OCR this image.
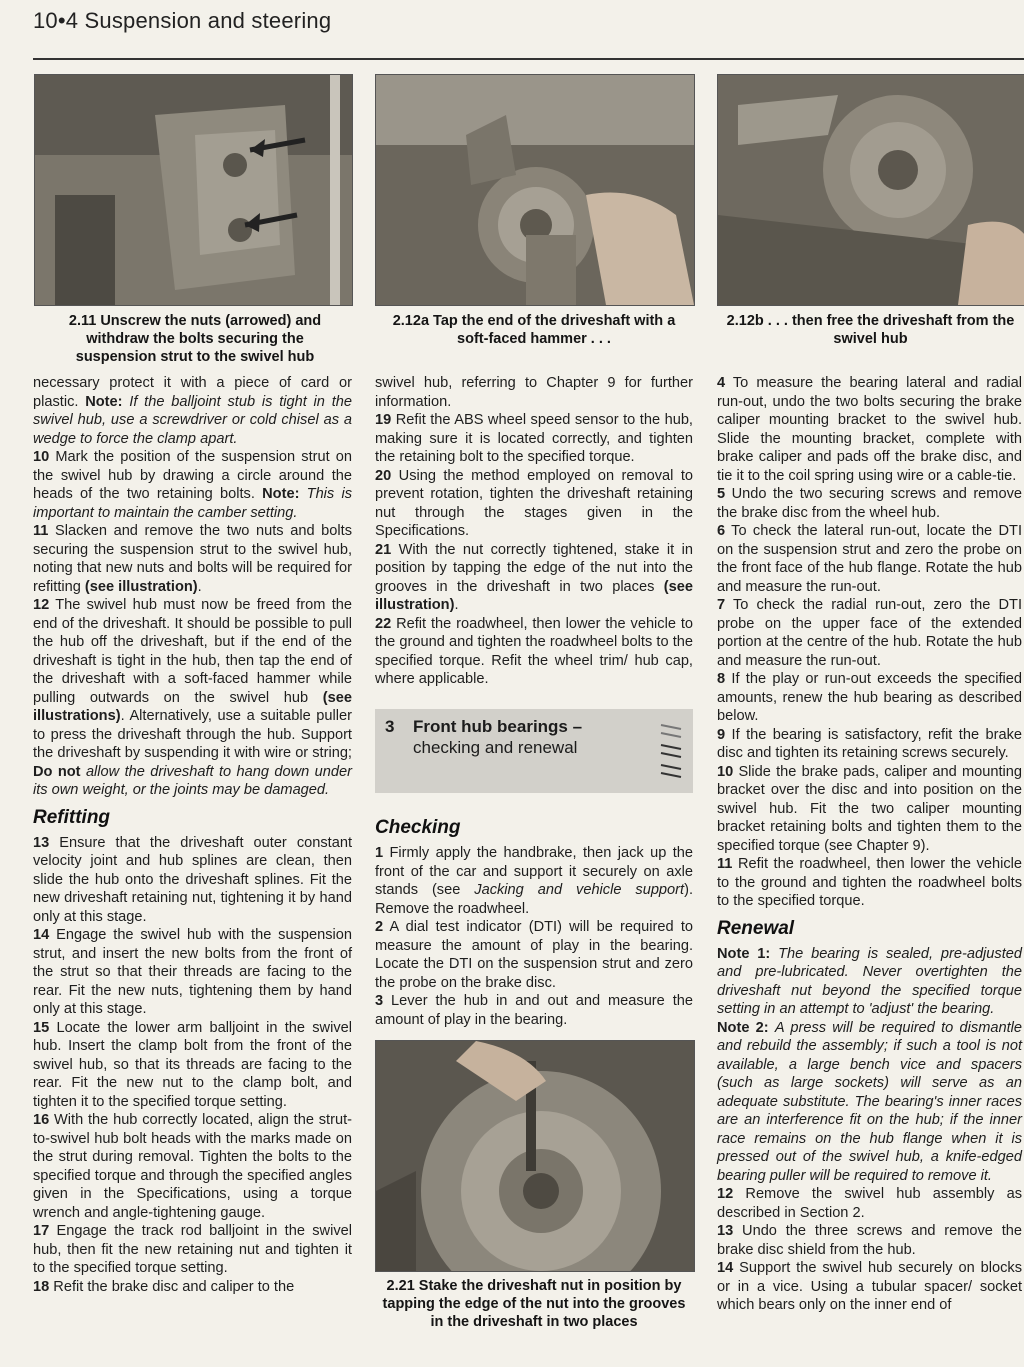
10•4 Suspension and steering
2.11 Unscrew the nuts (arrowed) and withdraw the bolts securing the suspension strut to the swivel hub
2.12a Tap the end of the driveshaft with a soft-faced hammer . . .
2.12b . . . then free the driveshaft from the swivel hub

necessary protect it with a piece of card or plastic. Note: If the balljoint stub is tight in the swivel hub, use a screwdriver or cold chisel as a wedge to force the clamp apart.

10 Mark the position of the suspension strut on the swivel hub by drawing a circle around the heads of the two retaining bolts. Note: This is important to maintain the camber setting.

11 Slacken and remove the two nuts and bolts securing the suspension strut to the swivel hub, noting that new nuts and bolts will be required for refitting (see illustration).

12 The swivel hub must now be freed from the end of the driveshaft. It should be possible to pull the hub off the driveshaft, but if the end of the driveshaft is tight in the hub, then tap the end of the driveshaft with a soft-faced hammer while pulling outwards on the swivel hub (see illustrations). Alternatively, use a suitable puller to press the driveshaft through the hub. Support the driveshaft by suspending it with wire or string; Do not allow the driveshaft to hang down under its own weight, or the joints may be damaged.

Refitting

13 Ensure that the driveshaft outer constant velocity joint and hub splines are clean, then slide the hub onto the driveshaft splines. Fit the new driveshaft retaining nut, tightening it by hand only at this stage.

14 Engage the swivel hub with the suspension strut, and insert the new bolts from the front of the strut so that their threads are facing to the rear. Fit the new nuts, tightening them by hand only at this stage.

15 Locate the lower arm balljoint in the swivel hub. Insert the clamp bolt from the front of the swivel hub, so that its threads are facing to the rear. Fit the new nut to the clamp bolt, and tighten it to the specified torque setting.

16 With the hub correctly located, align the strut-to-swivel hub bolt heads with the marks made on the strut during removal. Tighten the bolts to the specified torque and through the specified angles given in the Specifications, using a torque wrench and angle-tightening gauge.

17 Engage the track rod balljoint in the swivel hub, then fit the new retaining nut and tighten it to the specified torque setting.

18 Refit the brake disc and caliper to the

swivel hub, referring to Chapter 9 for further information.

19 Refit the ABS wheel speed sensor to the hub, making sure it is located correctly, and tighten the retaining bolt to the specified torque.

20 Using the method employed on removal to prevent rotation, tighten the driveshaft retaining nut through the stages given in the Specifications.

21 With the nut correctly tightened, stake it in position by tapping the edge of the nut into the grooves in the driveshaft in two places (see illustration).

22 Refit the roadwheel, then lower the vehicle to the ground and tighten the roadwheel bolts to the specified torque. Refit the wheel trim/ hub cap, where applicable.

3 Front hub bearings –
checking and renewal

Checking

1 Firmly apply the handbrake, then jack up the front of the car and support it securely on axle stands (see Jacking and vehicle support). Remove the roadwheel.

2 A dial test indicator (DTI) will be required to measure the amount of play in the bearing. Locate the DTI on the suspension strut and zero the probe on the brake disc.

3 Lever the hub in and out and measure the amount of play in the bearing.

2.21 Stake the driveshaft nut in position by tapping the edge of the nut into the grooves in the driveshaft in two places

4 To measure the bearing lateral and radial run-out, undo the two bolts securing the brake caliper mounting bracket to the swivel hub. Slide the mounting bracket, complete with brake caliper and pads off the brake disc, and tie it to the coil spring using wire or a cable-tie.

5 Undo the two securing screws and remove the brake disc from the wheel hub.

6 To check the lateral run-out, locate the DTI on the suspension strut and zero the probe on the front face of the hub flange. Rotate the hub and measure the run-out.

7 To check the radial run-out, zero the DTI probe on the upper face of the extended portion at the centre of the hub. Rotate the hub and measure the run-out.

8 If the play or run-out exceeds the specified amounts, renew the hub bearing as described below.

9 If the bearing is satisfactory, refit the brake disc and tighten its retaining screws securely.

10 Slide the brake pads, caliper and mounting bracket over the disc and into position on the swivel hub. Fit the two caliper mounting bracket retaining bolts and tighten them to the specified torque (see Chapter 9).

11 Refit the roadwheel, then lower the vehicle to the ground and tighten the roadwheel bolts to the specified torque.

Renewal

Note 1: The bearing is sealed, pre-adjusted and pre-lubricated. Never overtighten the driveshaft nut beyond the specified torque setting in an attempt to 'adjust' the bearing.

Note 2: A press will be required to dismantle and rebuild the assembly; if such a tool is not available, a large bench vice and spacers (such as large sockets) will serve as an adequate substitute. The bearing's inner races are an interference fit on the hub; if the inner race remains on the hub flange when it is pressed out of the swivel hub, a knife-edged bearing puller will be required to remove it.

12 Remove the swivel hub assembly as described in Section 2.

13 Undo the three screws and remove the brake disc shield from the hub.

14 Support the swivel hub securely on blocks or in a vice. Using a tubular spacer/ socket which bears only on the inner end of
